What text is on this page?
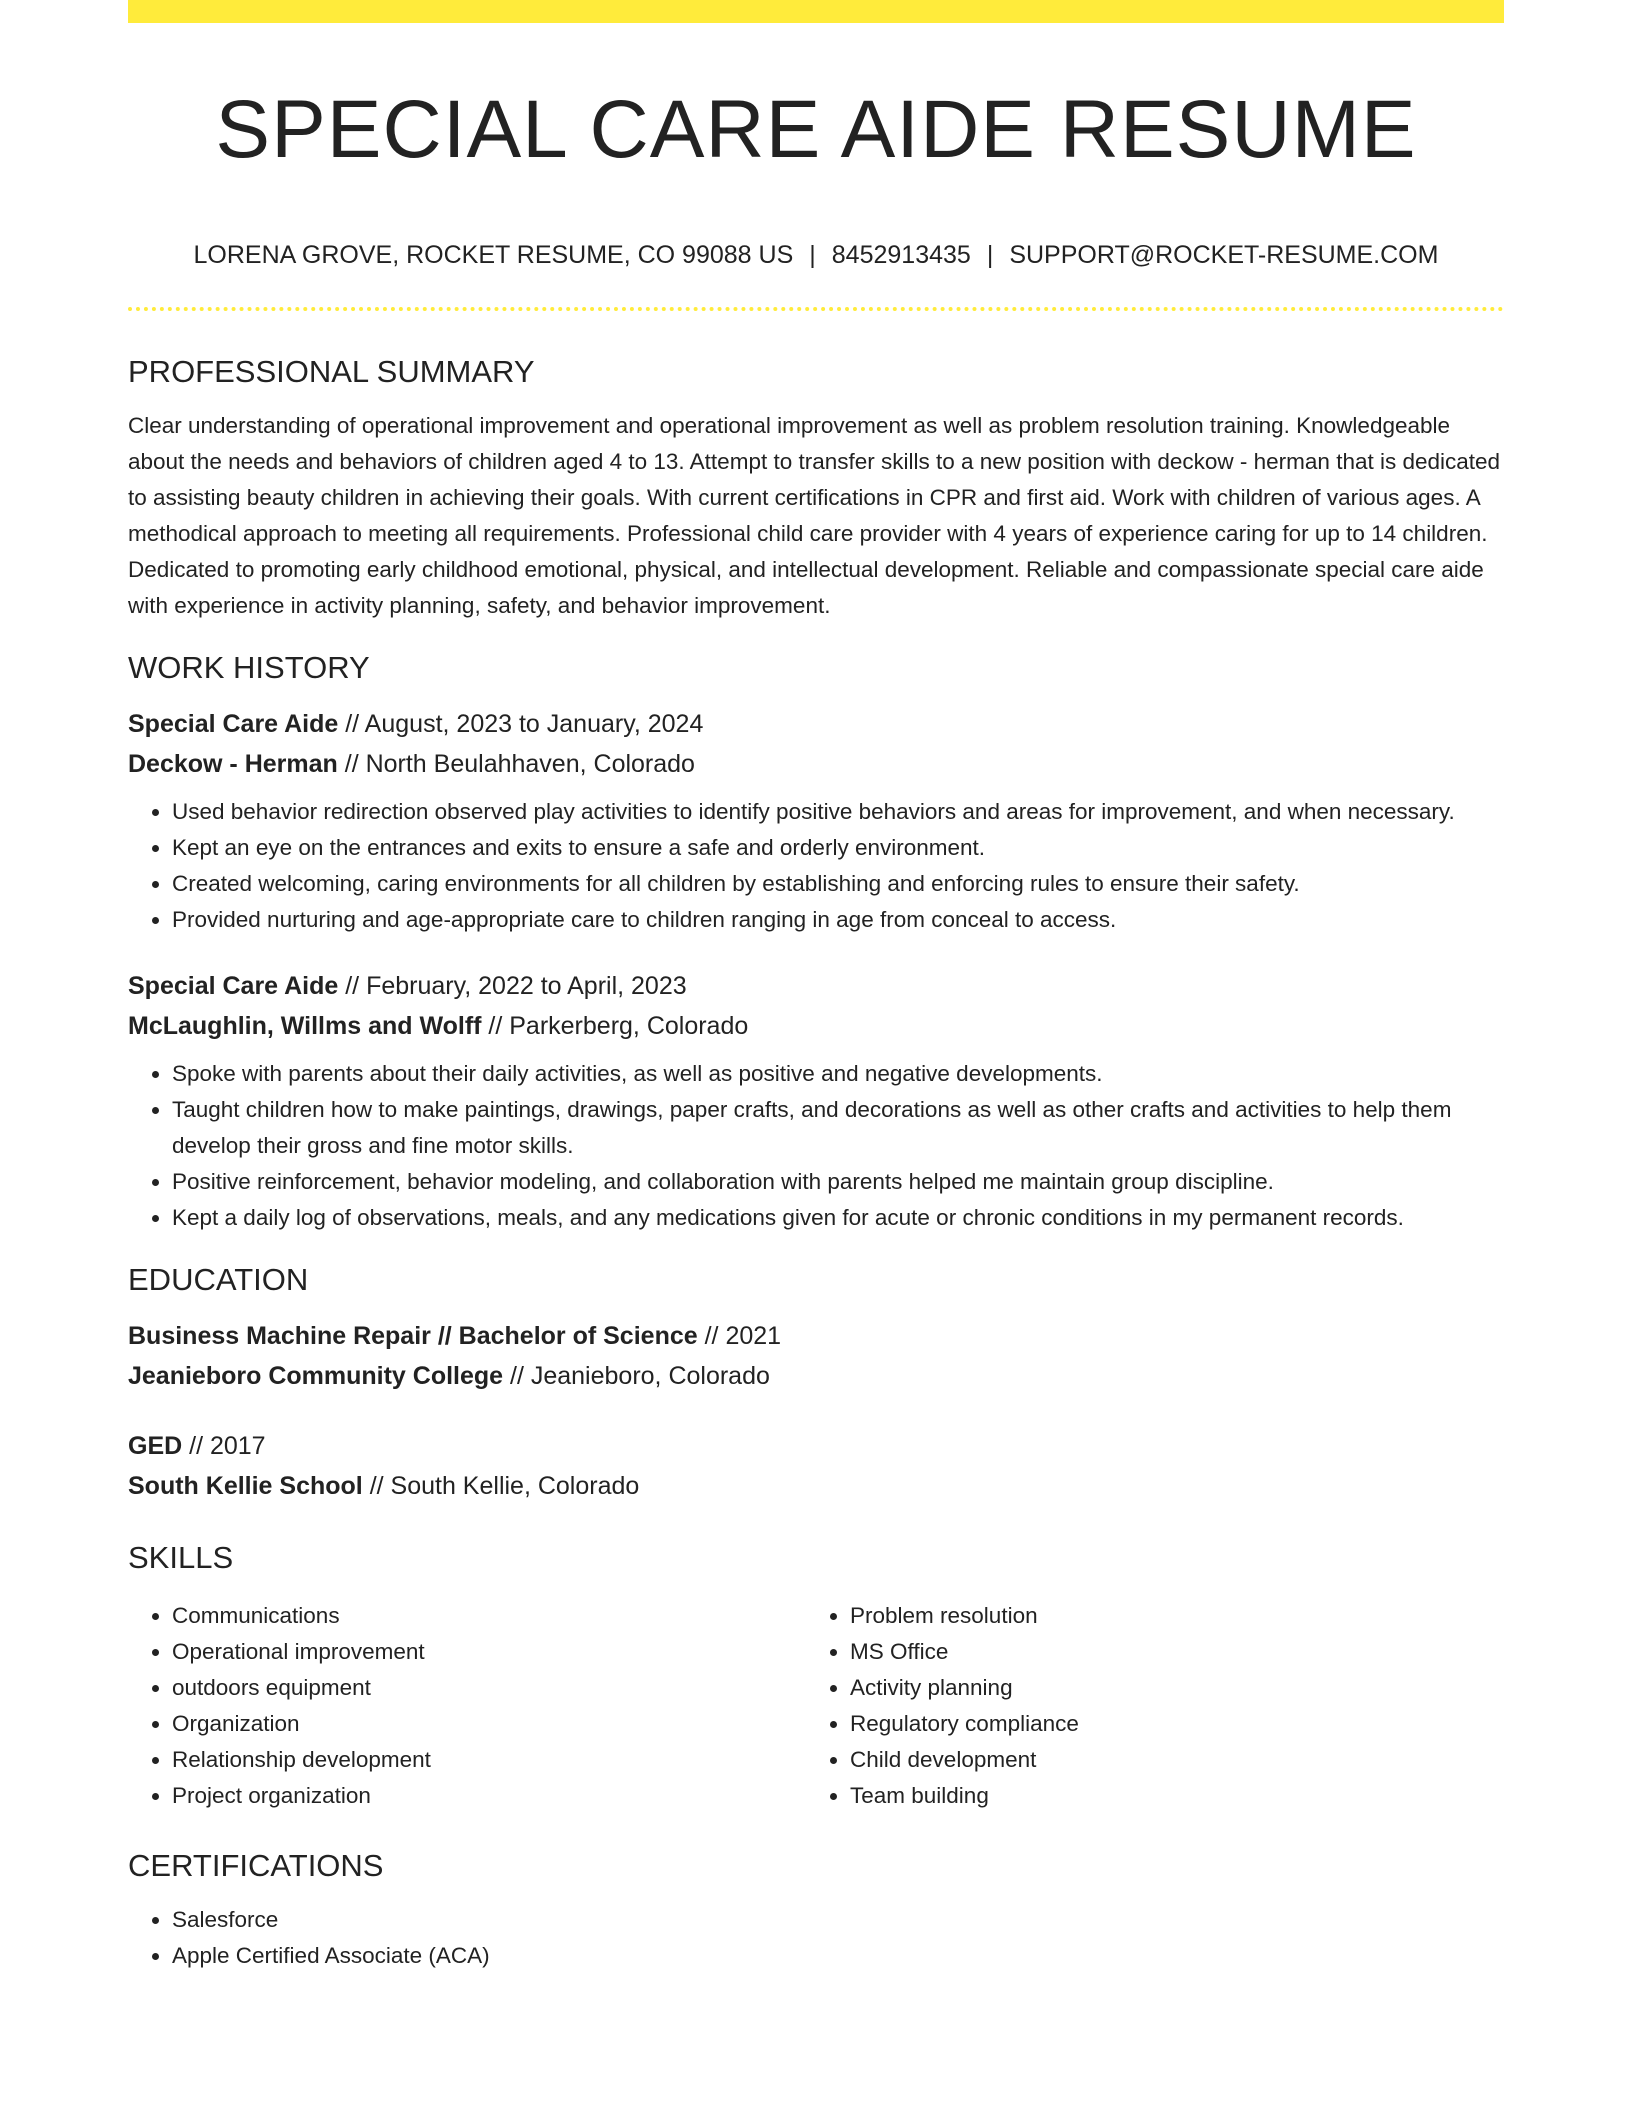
SPECIAL CARE AIDE RESUME
LORENA GROVE, ROCKET RESUME, CO 99088 US | 8452913435 | SUPPORT@ROCKET-RESUME.COM
PROFESSIONAL SUMMARY
Clear understanding of operational improvement and operational improvement as well as problem resolution training. Knowledgeable about the needs and behaviors of children aged 4 to 13. Attempt to transfer skills to a new position with deckow - herman that is dedicated to assisting beauty children in achieving their goals. With current certifications in CPR and first aid. Work with children of various ages. A methodical approach to meeting all requirements. Professional child care provider with 4 years of experience caring for up to 14 children. Dedicated to promoting early childhood emotional, physical, and intellectual development. Reliable and compassionate special care aide with experience in activity planning, safety, and behavior improvement.
WORK HISTORY
Special Care Aide // August, 2023 to January, 2024
Deckow - Herman // North Beulahhaven, Colorado
• Used behavior redirection observed play activities to identify positive behaviors and areas for improvement, and when necessary.
• Kept an eye on the entrances and exits to ensure a safe and orderly environment.
• Created welcoming, caring environments for all children by establishing and enforcing rules to ensure their safety.
• Provided nurturing and age-appropriate care to children ranging in age from conceal to access.
Special Care Aide // February, 2022 to April, 2023
McLaughlin, Willms and Wolff // Parkerberg, Colorado
• Spoke with parents about their daily activities, as well as positive and negative developments.
• Taught children how to make paintings, drawings, paper crafts, and decorations as well as other crafts and activities to help them develop their gross and fine motor skills.
• Positive reinforcement, behavior modeling, and collaboration with parents helped me maintain group discipline.
• Kept a daily log of observations, meals, and any medications given for acute or chronic conditions in my permanent records.
EDUCATION
Business Machine Repair // Bachelor of Science // 2021
Jeanieboro Community College // Jeanieboro, Colorado
GED // 2017
South Kellie School // South Kellie, Colorado
SKILLS
• Communications
• Operational improvement
• outdoors equipment
• Organization
• Relationship development
• Project organization
• Problem resolution
• MS Office
• Activity planning
• Regulatory compliance
• Child development
• Team building
CERTIFICATIONS
• Salesforce
• Apple Certified Associate (ACA)
